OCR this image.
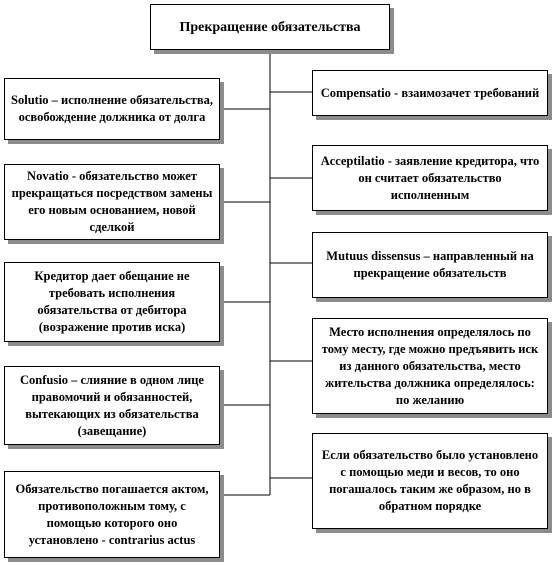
Прекращение обязательства
Solutio – исполнение обязательства, освобождение должника от долга
Novatio - обязательство может прекращаться посредством замены его новым основанием, новой сделкой
Кредитор дает обещание не требовать исполнения обязательства от дебитора (возражение против иска)
Confusio – слияние в одном лице правомочий и обязанностей, вытекающих из обязательства (завещание)
Обязательство погашается актом, противоположным тому, с помощью которого оно установлено - contrarius actus
Compensatio - взаимозачет требований
Acceptilatio - заявление кредитора, что он считает обязательство исполненным
Mutuus dissensus – направленный на прекращение обязательств
Место исполнения определялось по тому месту, где можно предъявить иск из данного обязательства, место жительства должника определялось: по желанию
Если обязательство было установлено с помощью меди и весов, то оно погашалось таким же образом, но в обратном порядке
